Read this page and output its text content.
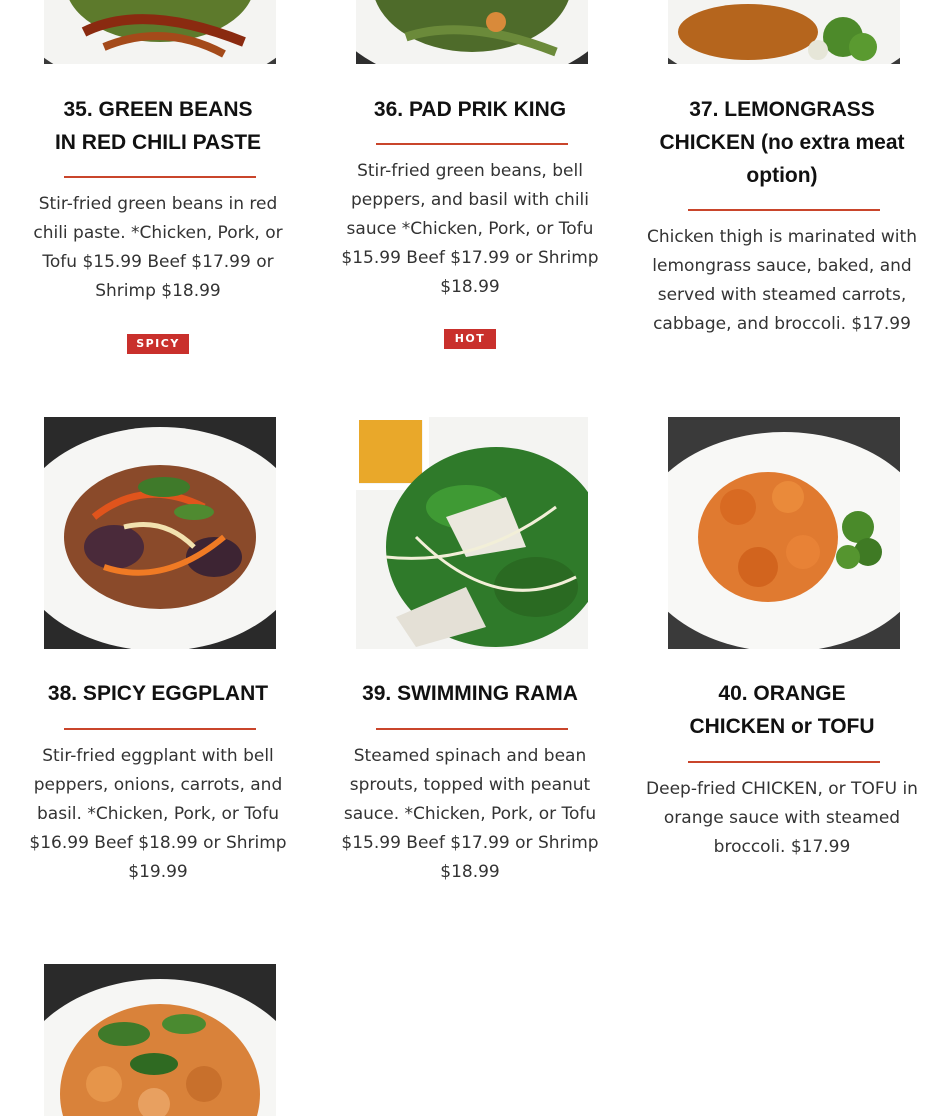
35. GREEN BEANS
IN RED CHILI PASTE
Stir-fried green beans in red chili paste. *Chicken, Pork, or Tofu $15.99 Beef $17.99 or Shrimp $18.99
SPICY
36. PAD PRIK KING
Stir-fried green beans, bell peppers, and basil with chili sauce *Chicken, Pork, or Tofu $15.99 Beef $17.99 or Shrimp $18.99
HOT
37. LEMONGRASS
CHICKEN (no extra meat
option)
Chicken thigh is marinated with lemongrass sauce, baked, and served with steamed carrots, cabbage, and broccoli. $17.99
38. SPICY EGGPLANT
Stir-fried eggplant with bell peppers, onions, carrots, and basil. *Chicken, Pork, or Tofu $16.99 Beef $18.99 or Shrimp $19.99
39. SWIMMING RAMA
Steamed spinach and bean sprouts, topped with peanut sauce. *Chicken, Pork, or Tofu $15.99 Beef $17.99 or Shrimp $18.99
40. ORANGE
CHICKEN or TOFU
Deep-fried CHICKEN, or TOFU in orange sauce with steamed broccoli. $17.99
